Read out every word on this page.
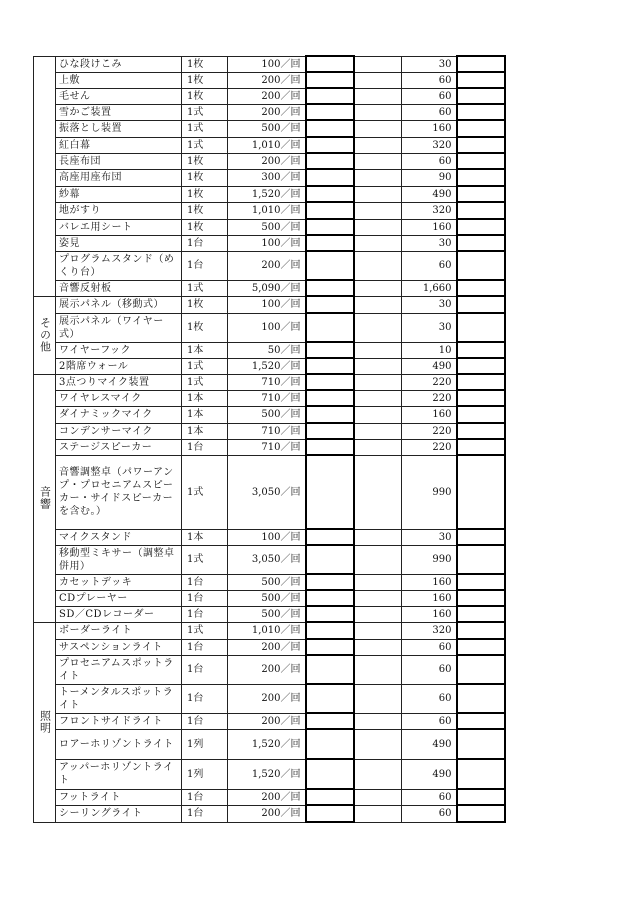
	ひな段けこみ	1枚	100／回			30	
	上敷	1枚	200／回			60	
	毛せん	1枚	200／回			60	
	雪かご装置	1式	200／回			60	
	振落とし装置	1式	500／回			160	
	紅白幕	1式	1,010／回			320	
	長座布団	1枚	200／回			60	
	高座用座布団	1枚	300／回			90	
	紗幕	1枚	1,520／回			490	
	地がすり	1枚	1,010／回			320	
	バレエ用シート	1枚	500／回			160	
	姿見	1台	100／回			30	
	プログラムスタンド（めくり台）	1台	200／回			60	
	音響反射板	1式	5,090／回			1,660	
その他	展示パネル（移動式）	1枚	100／回			30	
	展示パネル（ワイヤー式）	1枚	100／回			30	
	ワイヤーフック	1本	50／回			10	
	2階席ウォール	1式	1,520／回			490	
音響	3点つりマイク装置	1式	710／回			220	
	ワイヤレスマイク	1本	710／回			220	
	ダイナミックマイク	1本	500／回			160	
	コンデンサーマイク	1本	710／回			220	
	ステージスピーカー	1台	710／回			220	
	音響調整卓（パワーアンプ・プロセニアムスピーカー・サイドスピーカーを含む。）	1式	3,050／回			990	
	マイクスタンド	1本	100／回			30	
	移動型ミキサー（調整卓併用）	1式	3,050／回			990	
	カセットデッキ	1台	500／回			160	
	CDプレーヤー	1台	500／回			160	
	SD／CDレコーダー	1台	500／回			160	
照明	ボーダーライト	1式	1,010／回			320	
	サスペンションライト	1台	200／回			60	
	プロセニアムスポットライト	1台	200／回			60	
	トーメンタルスポットライト	1台	200／回			60	
	フロントサイドライト	1台	200／回			60	
	ロアーホリゾントライト	1列	1,520／回			490	
	アッパーホリゾントライト	1列	1,520／回			490	
	フットライト	1台	200／回			60	
	シーリングライト	1台	200／回			60	
